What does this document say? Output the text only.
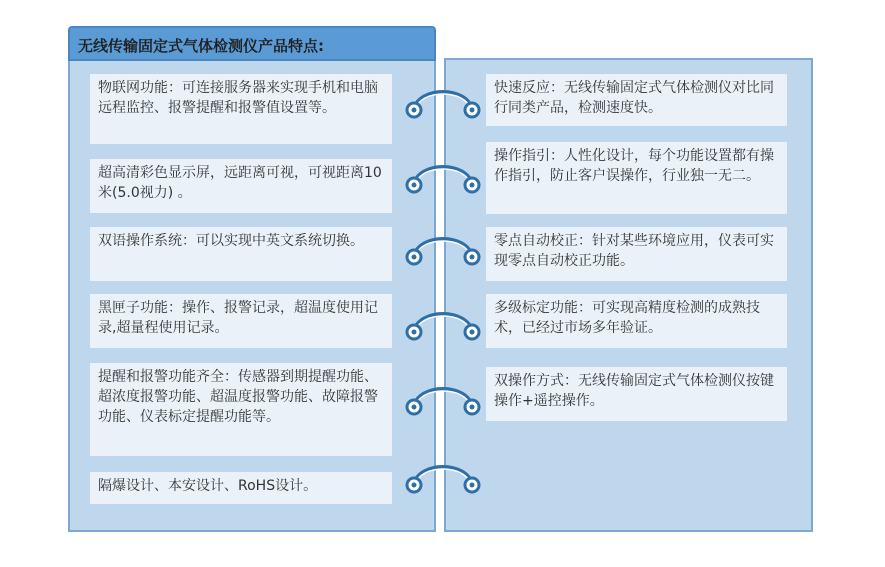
无线传输固定式气体检测仪产品特点:
物联网功能：可连接服务器来实现手机和电脑远程监控、报警提醒和报警值设置等。
超高清彩色显示屏，远距离可视，可视距离10米(5.0视力) 。
双语操作系统：可以实现中英文系统切换。
黑匣子功能：操作、报警记录，超温度使用记录,超量程使用记录。
提醒和报警功能齐全：传感器到期提醒功能、超浓度报警功能、超温度报警功能、故障报警功能、仪表标定提醒功能等。
隔爆设计、本安设计、RoHS设计。
快速反应：无线传输固定式气体检测仪对比同行同类产品，检测速度快。
操作指引：人性化设计，每个功能设置都有操作指引，防止客户误操作，行业独一无二。
零点自动校正：针对某些环境应用，仪表可实现零点自动校正功能。
多级标定功能：可实现高精度检测的成熟技术，已经过市场多年验证。
双操作方式：无线传输固定式气体检测仪按键操作+遥控操作。
